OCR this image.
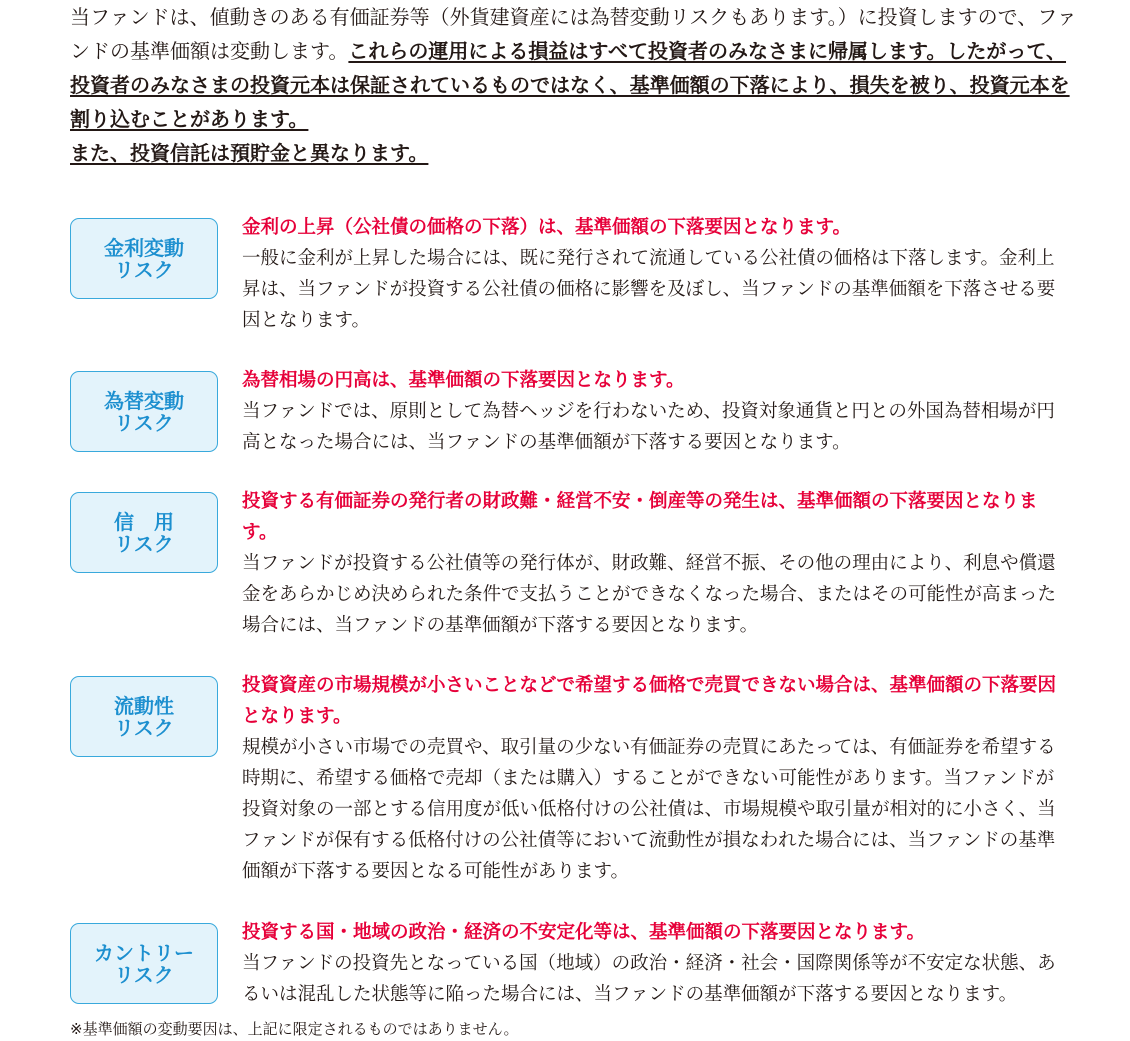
当ファンドは、値動きのある有価証券等（外貨建資産には為替変動リスクもあります。）に投資しますので、ファンドの基準価額は変動します。これらの運用による損益はすべて投資者のみなさまに帰属します。したがって、投資者のみなさまの投資元本は保証されているものではなく、基準価額の下落により、損失を被り、投資元本を割り込むことがあります。

また、投資信託は預貯金と異なります。

金利変動
リスク
金利の上昇（公社債の価格の下落）は、基準価額の下落要因となります。
一般に金利が上昇した場合には、既に発行されて流通している公社債の価格は下落します。金利上昇は、当ファンドが投資する公社債の価格に影響を及ぼし、当ファンドの基準価額を下落させる要因となります。
為替変動
リスク
為替相場の円高は、基準価額の下落要因となります。
当ファンドでは、原則として為替ヘッジを行わないため、投資対象通貨と円との外国為替相場が円高となった場合には、当ファンドの基準価額が下落する要因となります。
信　用
リスク
投資する有価証券の発行者の財政難・経営不安・倒産等の発生は、基準価額の下落要因となります。
当ファンドが投資する公社債等の発行体が、財政難、経営不振、その他の理由により、利息や償還金をあらかじめ決められた条件で支払うことができなくなった場合、またはその可能性が高まった場合には、当ファンドの基準価額が下落する要因となります。
流動性
リスク
投資資産の市場規模が小さいことなどで希望する価格で売買できない場合は、基準価額の下落要因となります。
規模が小さい市場での売買や、取引量の少ない有価証券の売買にあたっては、有価証券を希望する時期に、希望する価格で売却（または購入）することができない可能性があります。当ファンドが投資対象の一部とする信用度が低い低格付けの公社債は、市場規模や取引量が相対的に小さく、当ファンドが保有する低格付けの公社債等において流動性が損なわれた場合には、当ファンドの基準価額が下落する要因となる可能性があります。
カントリー
リスク
投資する国・地域の政治・経済の不安定化等は、基準価額の下落要因となります。
当ファンドの投資先となっている国（地域）の政治・経済・社会・国際関係等が不安定な状態、あるいは混乱した状態等に陥った場合には、当ファンドの基準価額が下落する要因となります。
※基準価額の変動要因は、上記に限定されるものではありません。
